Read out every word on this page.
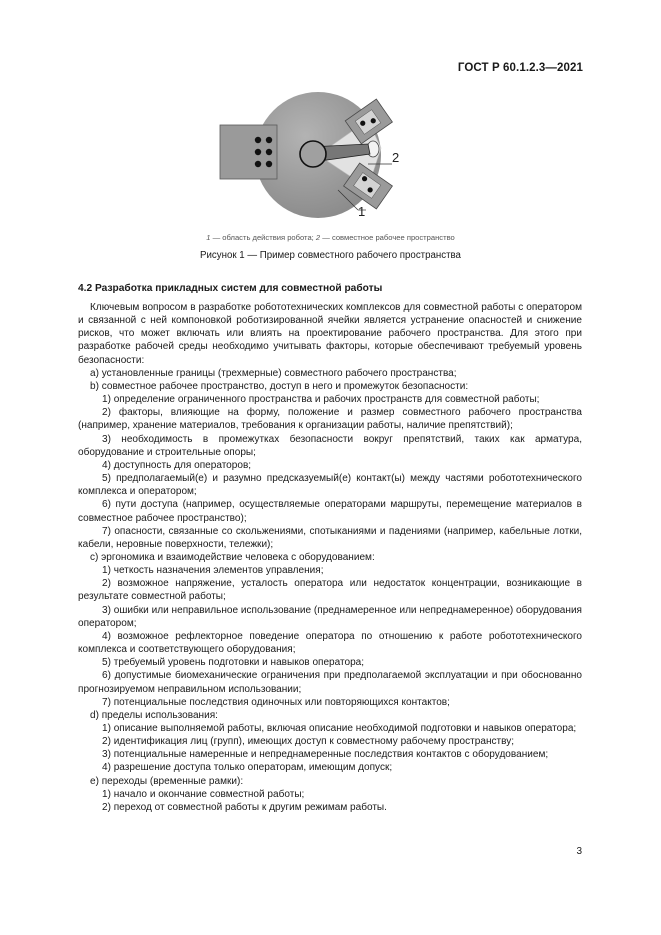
ГОСТ Р 60.1.2.3—2021
2
1
1 — область действия робота; 2 — совместное рабочее пространство
Рисунок 1 — Пример совместного рабочего пространства
4.2 Разработка прикладных систем для совместной работы

Ключевым вопросом в разработке робототехнических комплексов для совместной работы с оператором и связанной с ней компоновкой роботизированной ячейки является устранение опасностей и снижение рисков, что может включать или влиять на проектирование рабочего пространства. Для этого при разработке рабочей среды необходимо учитывать факторы, которые обеспечивают требуемый уровень безопасности:

a) установленные границы (трехмерные) совместного рабочего пространства;

b) совместное рабочее пространство, доступ в него и промежуток безопасности:

1) определение ограниченного пространства и рабочих пространств для совместной работы;

2) факторы, влияющие на форму, положение и размер совместного рабочего пространства (например, хранение материалов, требования к организации работы, наличие препятствий);

3) необходимость в промежутках безопасности вокруг препятствий, таких как арматура, оборудование и строительные опоры;

4) доступность для операторов;

5) предполагаемый(е) и разумно предсказуемый(е) контакт(ы) между частями робототехнического комплекса и оператором;

6) пути доступа (например, осуществляемые операторами маршруты, перемещение материалов в совместное рабочее пространство);

7) опасности, связанные со скольжениями, спотыканиями и падениями (например, кабельные лотки, кабели, неровные поверхности, тележки);

c) эргономика и взаимодействие человека с оборудованием:

1) четкость назначения элементов управления;

2) возможное напряжение, усталость оператора или недостаток концентрации, возникающие в результате совместной работы;

3) ошибки или неправильное использование (преднамеренное или непреднамеренное) оборудования оператором;

4) возможное рефлекторное поведение оператора по отношению к работе робототехнического комплекса и соответствующего оборудования;

5) требуемый уровень подготовки и навыков оператора;

6) допустимые биомеханические ограничения при предполагаемой эксплуатации и при обоснованно прогнозируемом неправильном использовании;

7) потенциальные последствия одиночных или повторяющихся контактов;

d) пределы использования:

1) описание выполняемой работы, включая описание необходимой подготовки и навыков оператора;

2) идентификация лиц (групп), имеющих доступ к совместному рабочему пространству;

3) потенциальные намеренные и непреднамеренные последствия контактов с оборудованием;

4) разрешение доступа только операторам, имеющим допуск;

e) переходы (временные рамки):

1) начало и окончание совместной работы;

2) переход от совместной работы к другим режимам работы.

3
